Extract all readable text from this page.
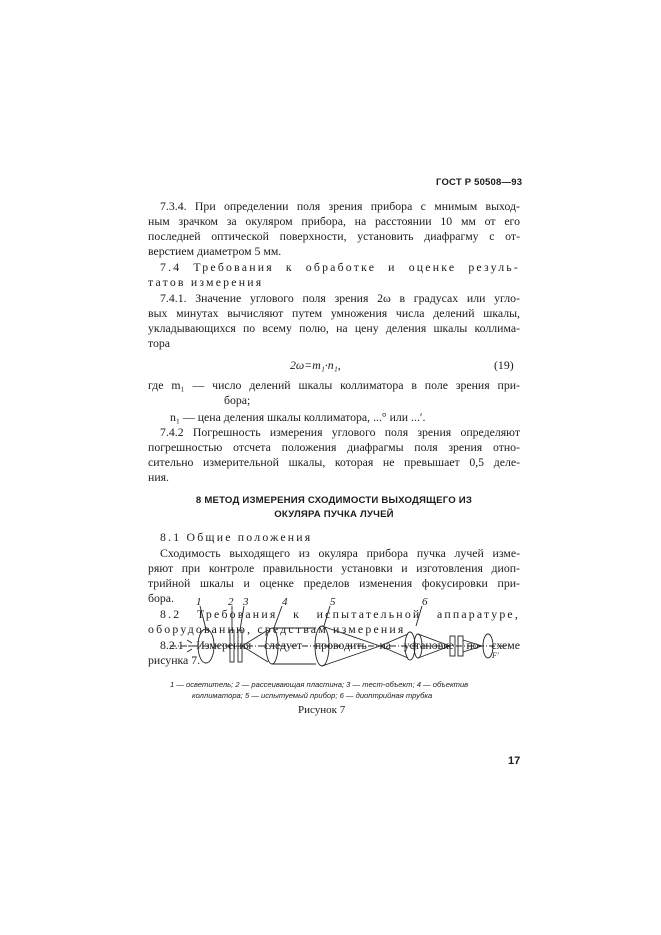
ГОСТ Р 50508—93
7.3.4. При определении поля зрения прибора с мнимым выход-
ным зрачком за окуляром прибора, на расстоянии 10 мм от его
последней оптической поверхности, установить диафрагму с от-
верстием диаметром 5 мм.
7.4 Требования к обработке и оценке резуль-
татов измерения
7.4.1. Значение углового поля зрения 2ω в градусах или угло-
вых минутах вычисляют путем умножения числа делений шкалы,
укладывающихся по всему полю, на цену деления шкалы коллима-
тора
2ω=m₁·n₁,	(19)
где m₁ — число делений шкалы коллиматора в поле зрения при-
бора;
n₁ — цена деления шкалы коллиматора, ...° или ...′.
7.4.2 Погрешность измерения углового поля зрения определяют
погрешностью отсчета положения диафрагмы поля зрения отно-
сительно измерительной шкалы, которая не превышает 0,5 деле-
ния.
8 МЕТОД ИЗМЕРЕНИЯ СХОДИМОСТИ ВЫХОДЯЩЕГО ИЗ
ОКУЛЯРА ПУЧКА ЛУЧЕЙ
8.1 Общие положения
Сходимость выходящего из окуляра прибора пучка лучей изме-
ряют при контроле правильности установки и изготовления диоп-
трийной шкалы и оценке пределов изменения фокусировки при-
бора.
8.2 Требования к испытательной аппаратуре,
оборудованию, средствам измерения
8.2.1 Измерения следует проводить на установке по схеме
рисунка 7.
1 2 3	4	5	6
F′
1 — осветитель; 2 — рассеивающая пластина; 3 — тест-объект; 4 — объектив
коллиматора; 5 — испытуемый прибор; 6 — диоптрийная трубка
Рисунок 7
17
